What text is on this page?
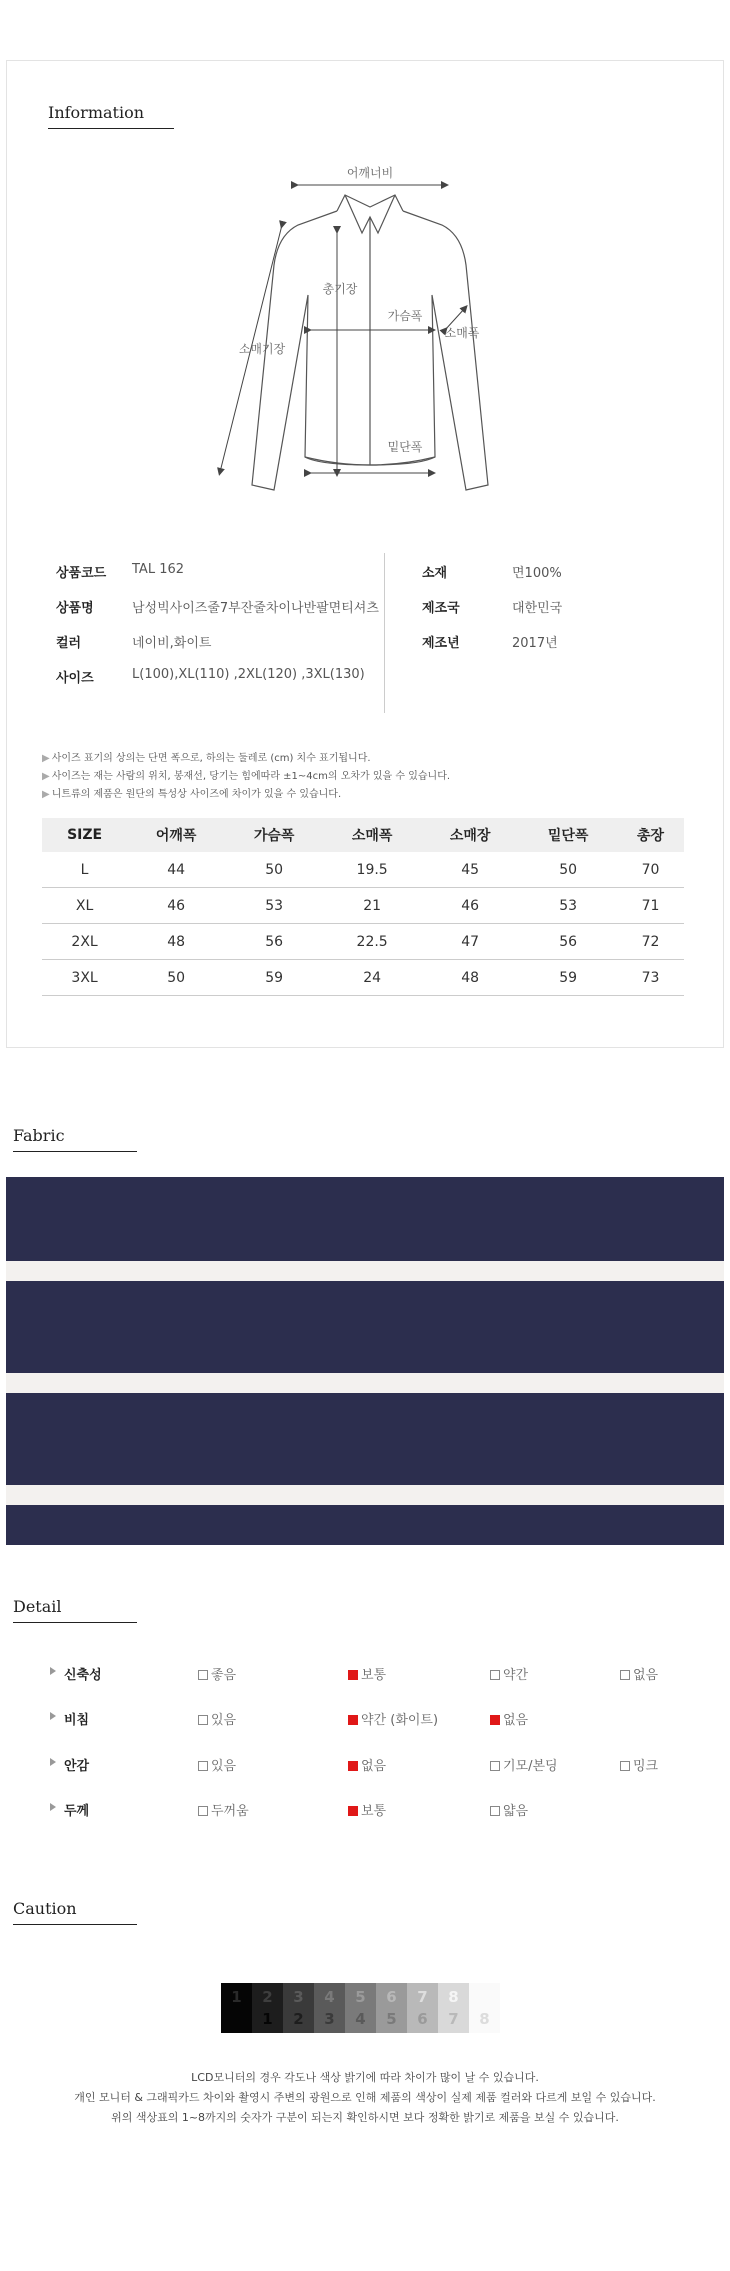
Information
어깨너비
총기장
가슴폭
소매폭
소매기장
밑단폭
상품코드 TAL 162
상품명	남성빅사이즈줄7부잔줄차이나반팔면티셔츠
컬러	네이비,화이트
사이즈	L(100),XL(110) ,2XL(120) ,3XL(130)
소재	면100%
제조국	대한민국
제조년	2017년
▶ 사이즈 표기의 상의는 단면 폭으로, 하의는 둘레로 (cm) 치수 표기됩니다.
▶ 사이즈는 재는 사람의 위치, 봉재선, 당기는 힘에따라 ±1~4cm의 오차가 있을 수 있습니다.
▶ 니트류의 제품은 원단의 특성상 사이즈에 차이가 있을 수 있습니다.
SIZE	어깨폭	가슴폭	소매폭	소매장	밑단폭	총장
L	44	50	19.5	45	50	70
XL	46	53	21	46	53	71
2XL	48	56	22.5	47	56	72
3XL	50	59	24	48	59	73
Fabric
Detail
신축성	좋음	보통	약간	없음
비침	있음	약간 (화이트)	없음
안감	있음	없음	기모/본딩	밍크
두께	두꺼움	보통	얇음
Caution
1	2
1
3
2
4
3
5
4
6
5
7
6
8
7	8
LCD모니터의 경우 각도나 색상 밝기에 따라 차이가 많이 날 수 있습니다.
개인 모니터 & 그래픽카드 차이와 촬영시 주변의 광원으로 인해 제품의 색상이 실제 제품 컬러와 다르게 보일 수 있습니다.
위의 색상표의 1~8까지의 숫자가 구분이 되는지 확인하시면 보다 정확한 밝기로 제품을 보실 수 있습니다.
